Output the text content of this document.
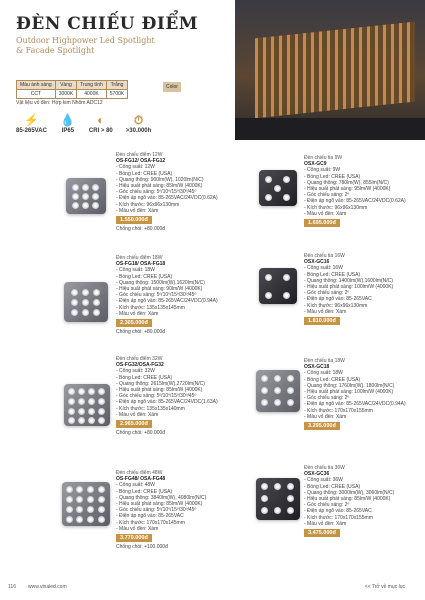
ĐÈN CHIẾU ĐIỂM
Outdoor Highpower Led Spotlight
& Facade Spotlight
Màu ánh sáng	Vàng	Trung tính	Trắng
CCT	3000K	4000K	5700K
Color
Vật liệu vỏ đèn: Hợp kim Nhôm ADC12
⚡
85-265VAC
💧
IP65
◐
CRI > 80
⏱
>30.000h
Đèn chiếu điểm 12W
OS-FG12/ OSA-FG12
- Công suất: 12W
- Bóng Led: CREE (USA)
- Quang thông: 900lm(W), 1020lm(N/C)
- Hiệu suất phát sáng: 85lm/W (4000K)
- Góc chiếu sáng: 5º/10º/15º/30º/45º
- Điện áp ngõ vào: 85-265VAC/24VDC(0.62A)
- Kích thước: 96x96x130mm
- Màu vỏ đèn: Xám
1.550.000đ
Chống chói: +80.000đ
Đèn chiếu tia 9W
OSX-GC9
- Công suất: 9W
- Bóng Led: CREE (USA)
- Quang thông: 780lm(W), 855lm(N/C)
- Hiệu suất phát sáng: 95lm/W (4000K)
- Góc chiếu sáng: 2º
- Điện áp ngõ vào: 85-265VAC/24VDC(0.62A)
- Kích thước: 96x96x130mm
- Màu vỏ đèn: Xám
1.695.000đ
Đèn chiếu điểm 18W
OS-FG18/ OSA-FG18
- Công suất: 18W
- Bóng Led: CREE (USA)
- Quang thông: 1500lm(W),1620lm(N/C)
- Hiệu suất phát sáng: 90lm/W (4000K)
- Góc chiếu sáng: 5º/10º/15º/30º/45º
- Điện áp ngõ vào: 85-265VAC/24VDC(0.94A)
- Kích thước: 135x135x145mm
- Màu vỏ đèn: Xám
2.305.000đ
Chống chói: +80.000đ
Đèn chiếu tia 16W
OSX-GC16
- Công suất: 16W
- Bóng Led: CREE (USA)
- Quang thông: 1400lm(W),1600lm(N/C)
- Hiệu suất phát sáng: 100lm/W (4000K)
- Góc chiếu sáng: 2º
- Điện áp ngõ vào: 85-265VAC
- Kích thước: 96x96x130mm
- Màu vỏ đèn: Xám
1.810.000đ
Đèn chiếu điểm 32W
OS-FG32/OSA-FG32
- Công suất: 32W
- Bóng Led: CREE (USA)
- Quang thông: 2615lm(W),2720lm(N/C)
- Hiệu suất phát sáng: 85lm/W (4000K)
- Góc chiếu sáng: 5º/10º/15º/30º/45º
- Điện áp ngõ vào: 85-265VAC/24VDC(1.63A)
- Kích thước: 135x135x140mm
- Màu vỏ đèn: Xám
2.965.000đ
Chống chói: +80.000đ
Đèn chiếu tia 18W
OSX-GC18
- Công suất: 18W
- Bóng Led: CREE (USA)
- Quang thông: 1760lm(W), 1800lm(N/C)
- Hiệu suất phát sáng: 100lm/W (4000K)
- Góc chiếu sáng: 2º
- Điện áp ngõ vào: 85-265VAC/24VDC(0.94A)
- Kích thước: 170x170x155mm
- Màu vỏ đèn: Xám
3.295.000đ
Đèn chiếu điểm 48W
OS-FG48/ OSA-FG48
- Công suất: 48W
- Bóng Led: CREE (USA)
- Quang thông: 3840lm(W), 4080lm(N/C)
- Hiệu suất phát sáng: 85lm/W (4000K)
- Góc chiếu sáng: 5º/10º/15º/30º/45º
- Điện áp ngõ vào: 85-265VAC
- Kích thước: 170x170x145mm
- Màu vỏ đèn: Xám
3.770.000đ
Chống chói: +100.000đ
Đèn chiếu tia 36W
OSX-GC36
- Công suất: 36W
- Bóng Led: CREE (USA)
- Quang thông: 3000lm(W), 3060lm(N/C)
- Hiệu suất phát sáng: 85lm/W (4000K)
- Góc chiếu sáng: 2º
- Điện áp ngõ vào: 85-265VAC
- Kích thước: 170x170x155mm
- Màu vỏ đèn: Xám
3.475.000đ
116 www.vinaled.com	<< Trở về mục lục
